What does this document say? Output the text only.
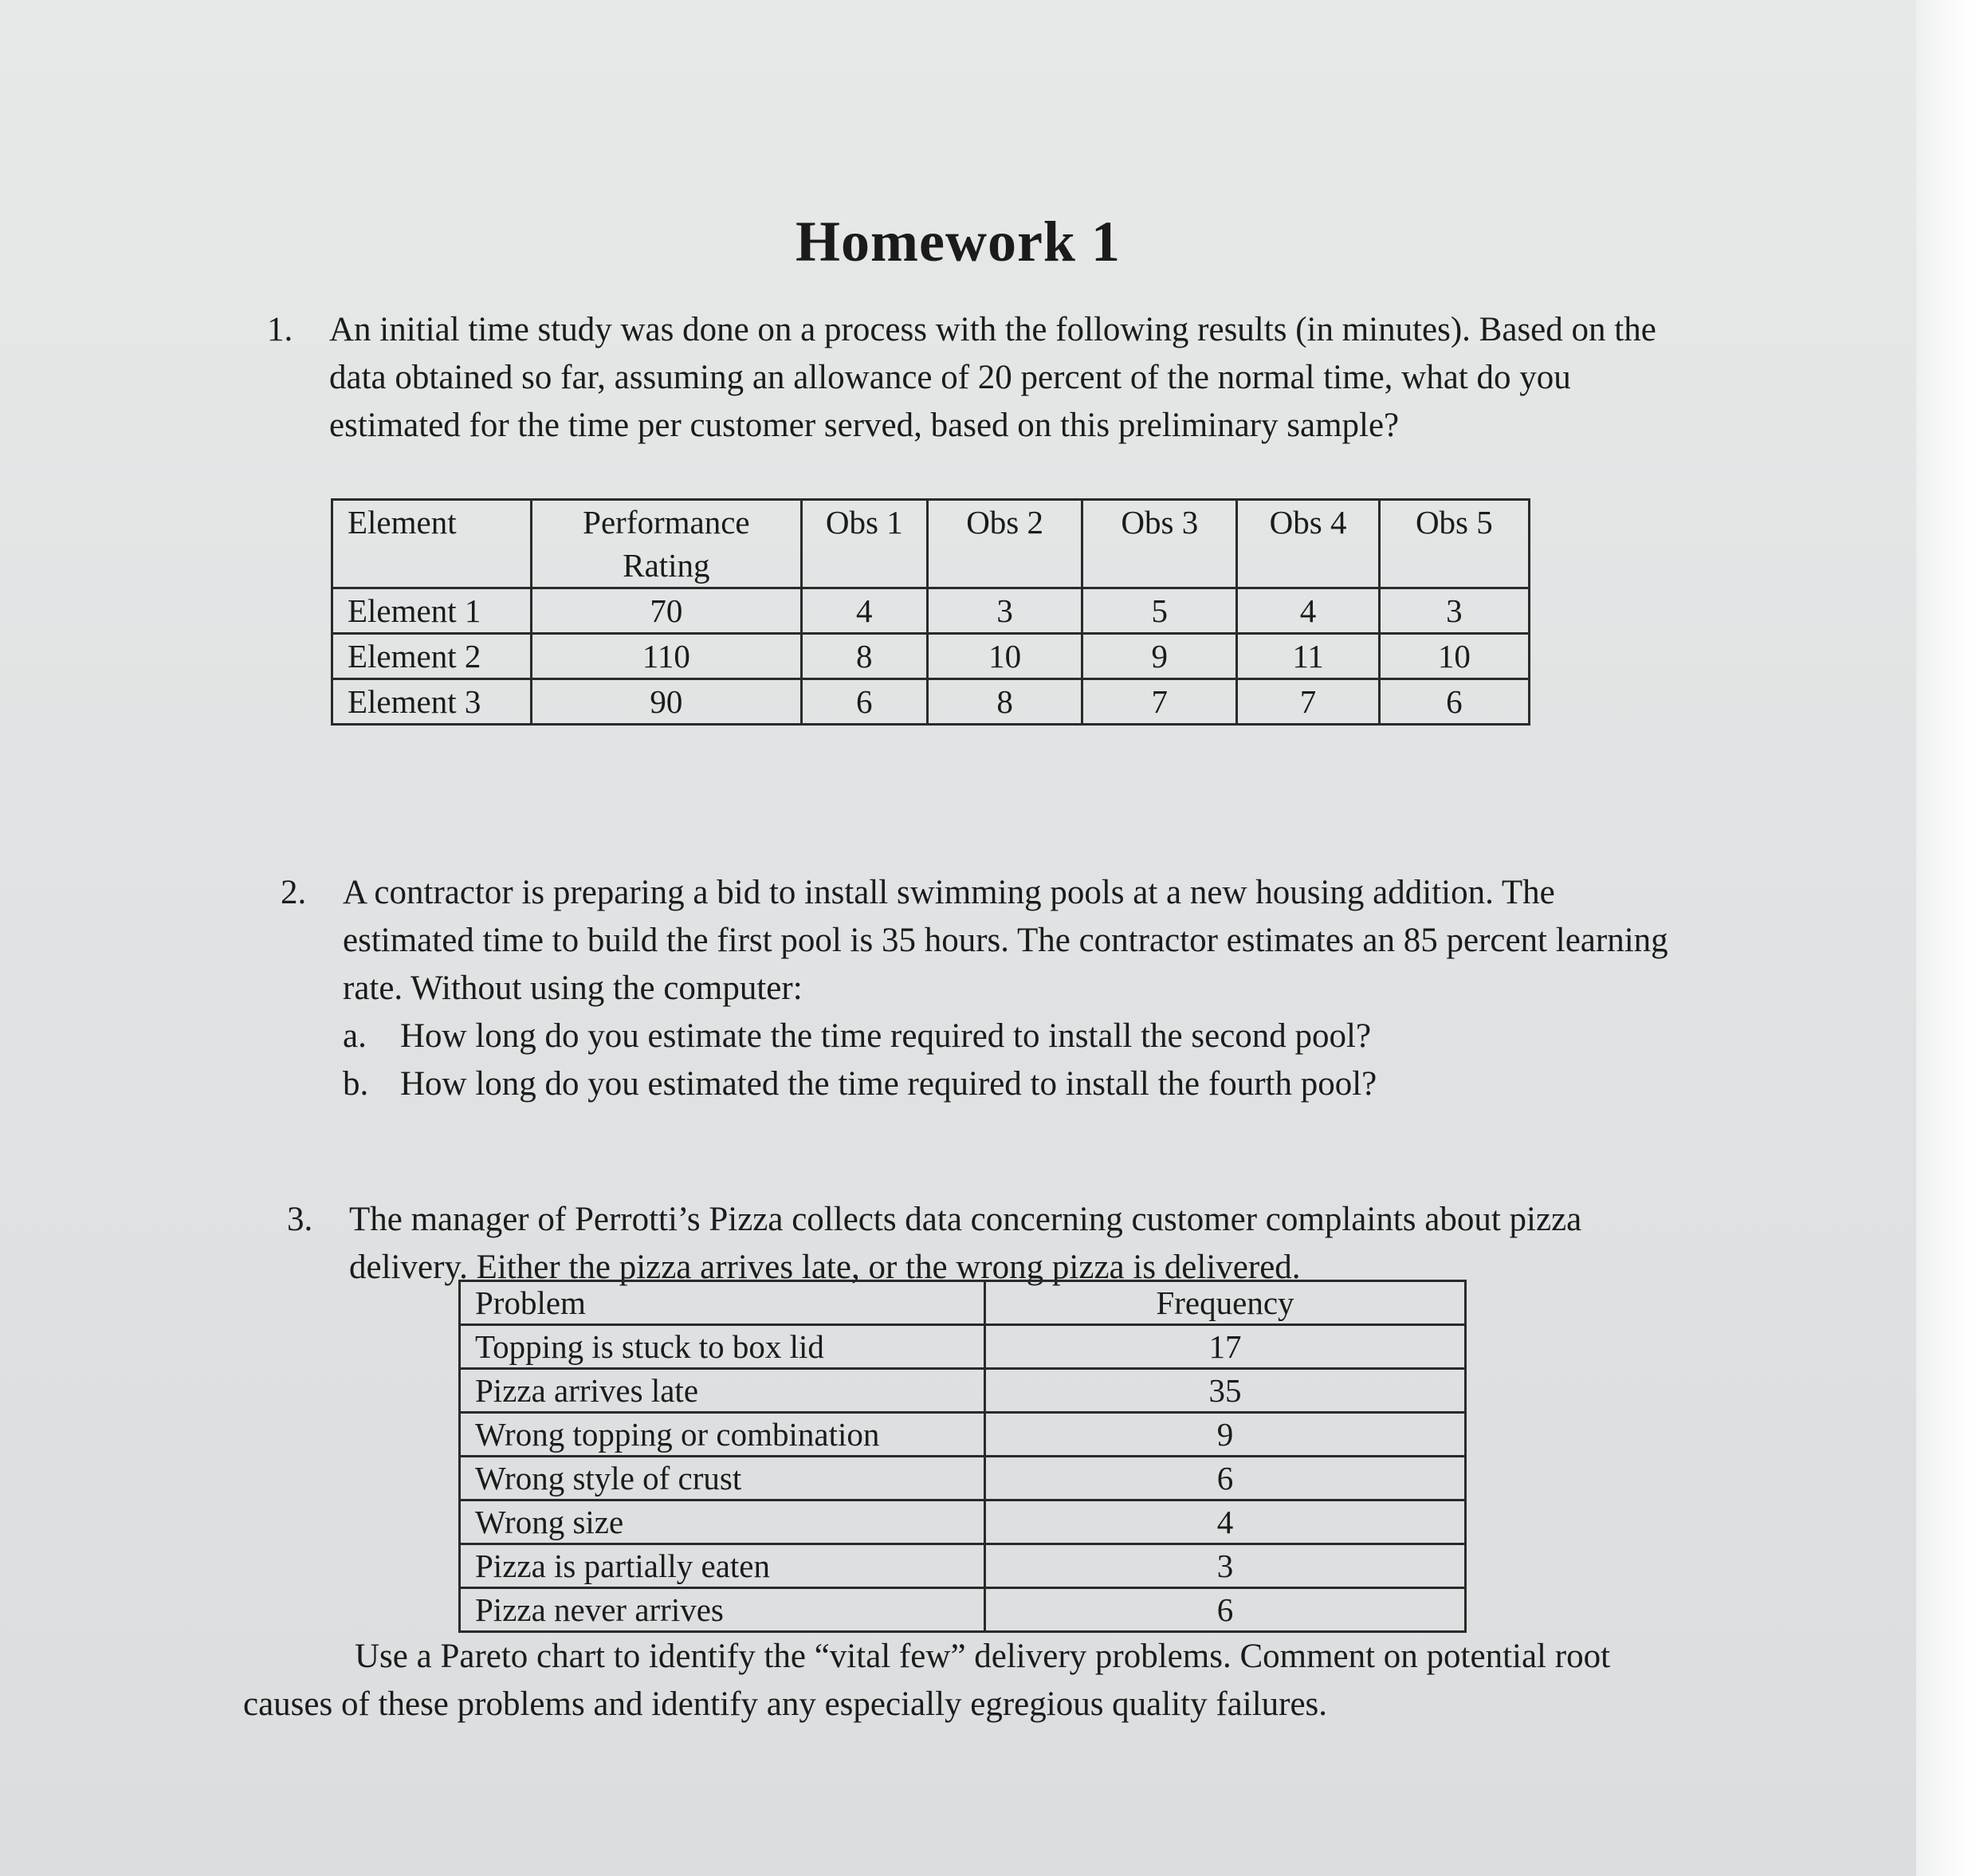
Homework 1
1. An initial time study was done on a process with the following results (in minutes). Based on the data obtained so far, assuming an allowance of 20 percent of the normal time, what do you estimated for the time per customer served, based on this preliminary sample?
Element	Performance Rating	Obs 1	Obs 2	Obs 3	Obs 4	Obs 5
Element 1	70	4	3	5	4	3
Element 2	110	8	10	9	11	10
Element 3	90	6	8	7	7	6
2. A contractor is preparing a bid to install swimming pools at a new housing addition. The estimated time to build the first pool is 35 hours. The contractor estimates an 85 percent learning rate. Without using the computer:
a. How long do you estimate the time required to install the second pool?
b. How long do you estimated the time required to install the fourth pool?
3. The manager of Perrotti’s Pizza collects data concerning customer complaints about pizza delivery. Either the pizza arrives late, or the wrong pizza is delivered.
Problem	Frequency
Topping is stuck to box lid	17
Pizza arrives late	35
Wrong topping or combination	9
Wrong style of crust	6
Wrong size	4
Pizza is partially eaten	3
Pizza never arrives	6
Use a Pareto chart to identify the “vital few” delivery problems. Comment on potential root causes of these problems and identify any especially egregious quality failures.
